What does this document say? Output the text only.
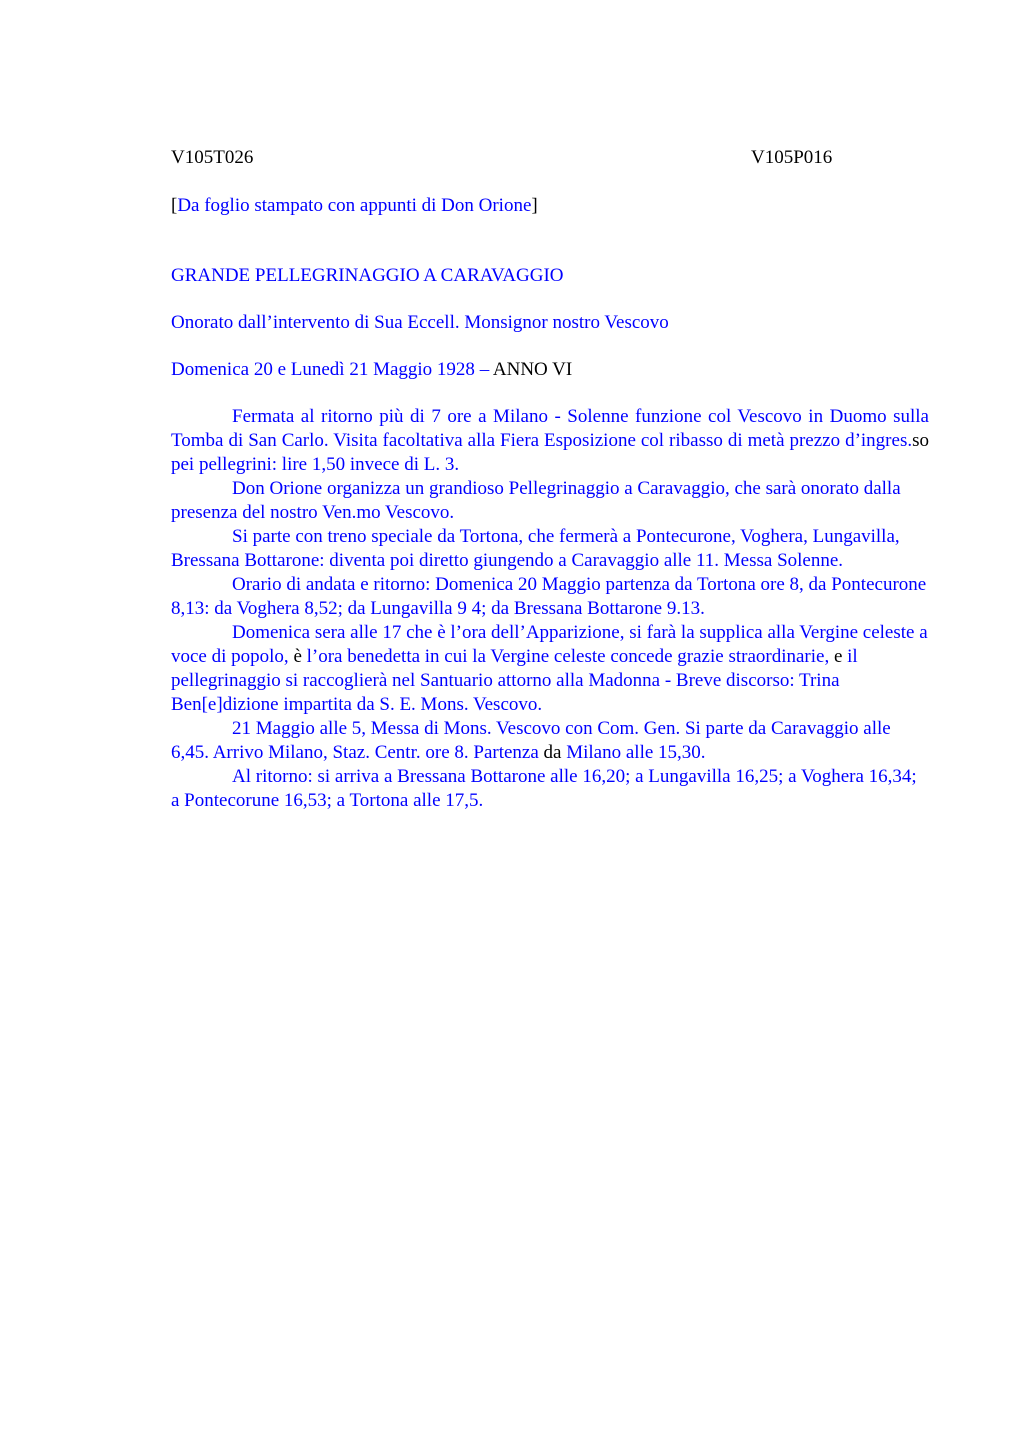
V105T026	V105P016
[Da foglio stampato con appunti di Don Orione]
GRANDE PELLEGRINAGGIO A CARAVAGGIO
Onorato dall’intervento di Sua Eccell. Monsignor nostro Vescovo
Domenica 20 e Lunedì 21 Maggio 1928 – ANNO VI

Fermata al ritorno più di 7 ore a Milano - Solenne funzione col Vescovo in Duomo sulla Tomba di San Carlo. Visita facoltativa alla Fiera Esposizione col ribasso di metà prezzo d’ingres.so pei pellegrini: lire 1,50 invece di L. 3.

Don Orione organizza un grandioso Pellegrinaggio a Caravaggio, che sarà onorato dalla presenza del nostro Ven.mo Vescovo.

Si parte con treno speciale da Tortona, che fermerà a Pontecurone, Voghera, Lungavilla, Bressana Bottarone: diventa poi diretto giungendo a Caravaggio alle 11. Messa Solenne.

Orario di andata e ritorno: Domenica 20 Maggio partenza da Tortona ore 8, da Pontecurone 8,13: da Voghera 8,52; da Lungavilla 9 4; da Bressana Bottarone 9.13.

Domenica sera alle 17 che è l’ora dell’Apparizione, si farà la supplica alla Vergine celeste a voce di popolo, è l’ora benedetta in cui la Vergine celeste concede grazie straordinarie, e il pellegrinaggio si raccoglierà nel Santuario attorno alla Madonna - Breve discorso: Trina Ben[e]dizione impartita da S. E. Mons. Vescovo.

21 Maggio alle 5, Messa di Mons. Vescovo con Com. Gen. Si parte da Caravaggio alle 6,45. Arrivo Milano, Staz. Centr. ore 8. Partenza da Milano alle 15,30.

Al ritorno: si arriva a Bressana Bottarone alle 16,20; a Lungavilla 16,25; a Voghera 16,34; a Pontecorune 16,53; a Tortona alle 17,5.
